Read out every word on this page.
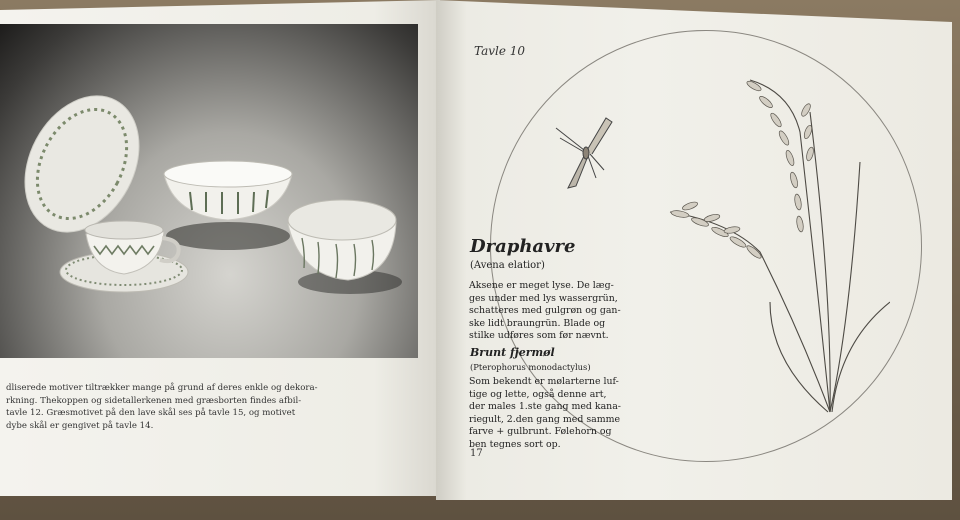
dliserede motiver tiltrækker mange på grund af deres enkle og dekora-
rkning. Thekoppen og sidetallerkenen med græsborten findes afbil-
tavle 12. Græsmotivet på den lave skål ses på tavle 15, og motivet
dybe skål er gengivet på tavle 14.
Tavle 10
Draphavre
(Avena elatior)
Aksene er meget lyse. De læg-
ges under med lys wassergrün,
schatteres med gulgrøn og gan-
ske lidt braungrün. Blade og
stilke udføres som før nævnt.
Brunt fjermøl
(Pterophorus monodactylus)
Som bekendt er mølarterne luf-
tige og lette, også denne art,
der males 1.ste gang med kana-
riegult, 2.den gang med samme
farve + gulbrunt. Følehorn og
ben tegnes sort op.
17
